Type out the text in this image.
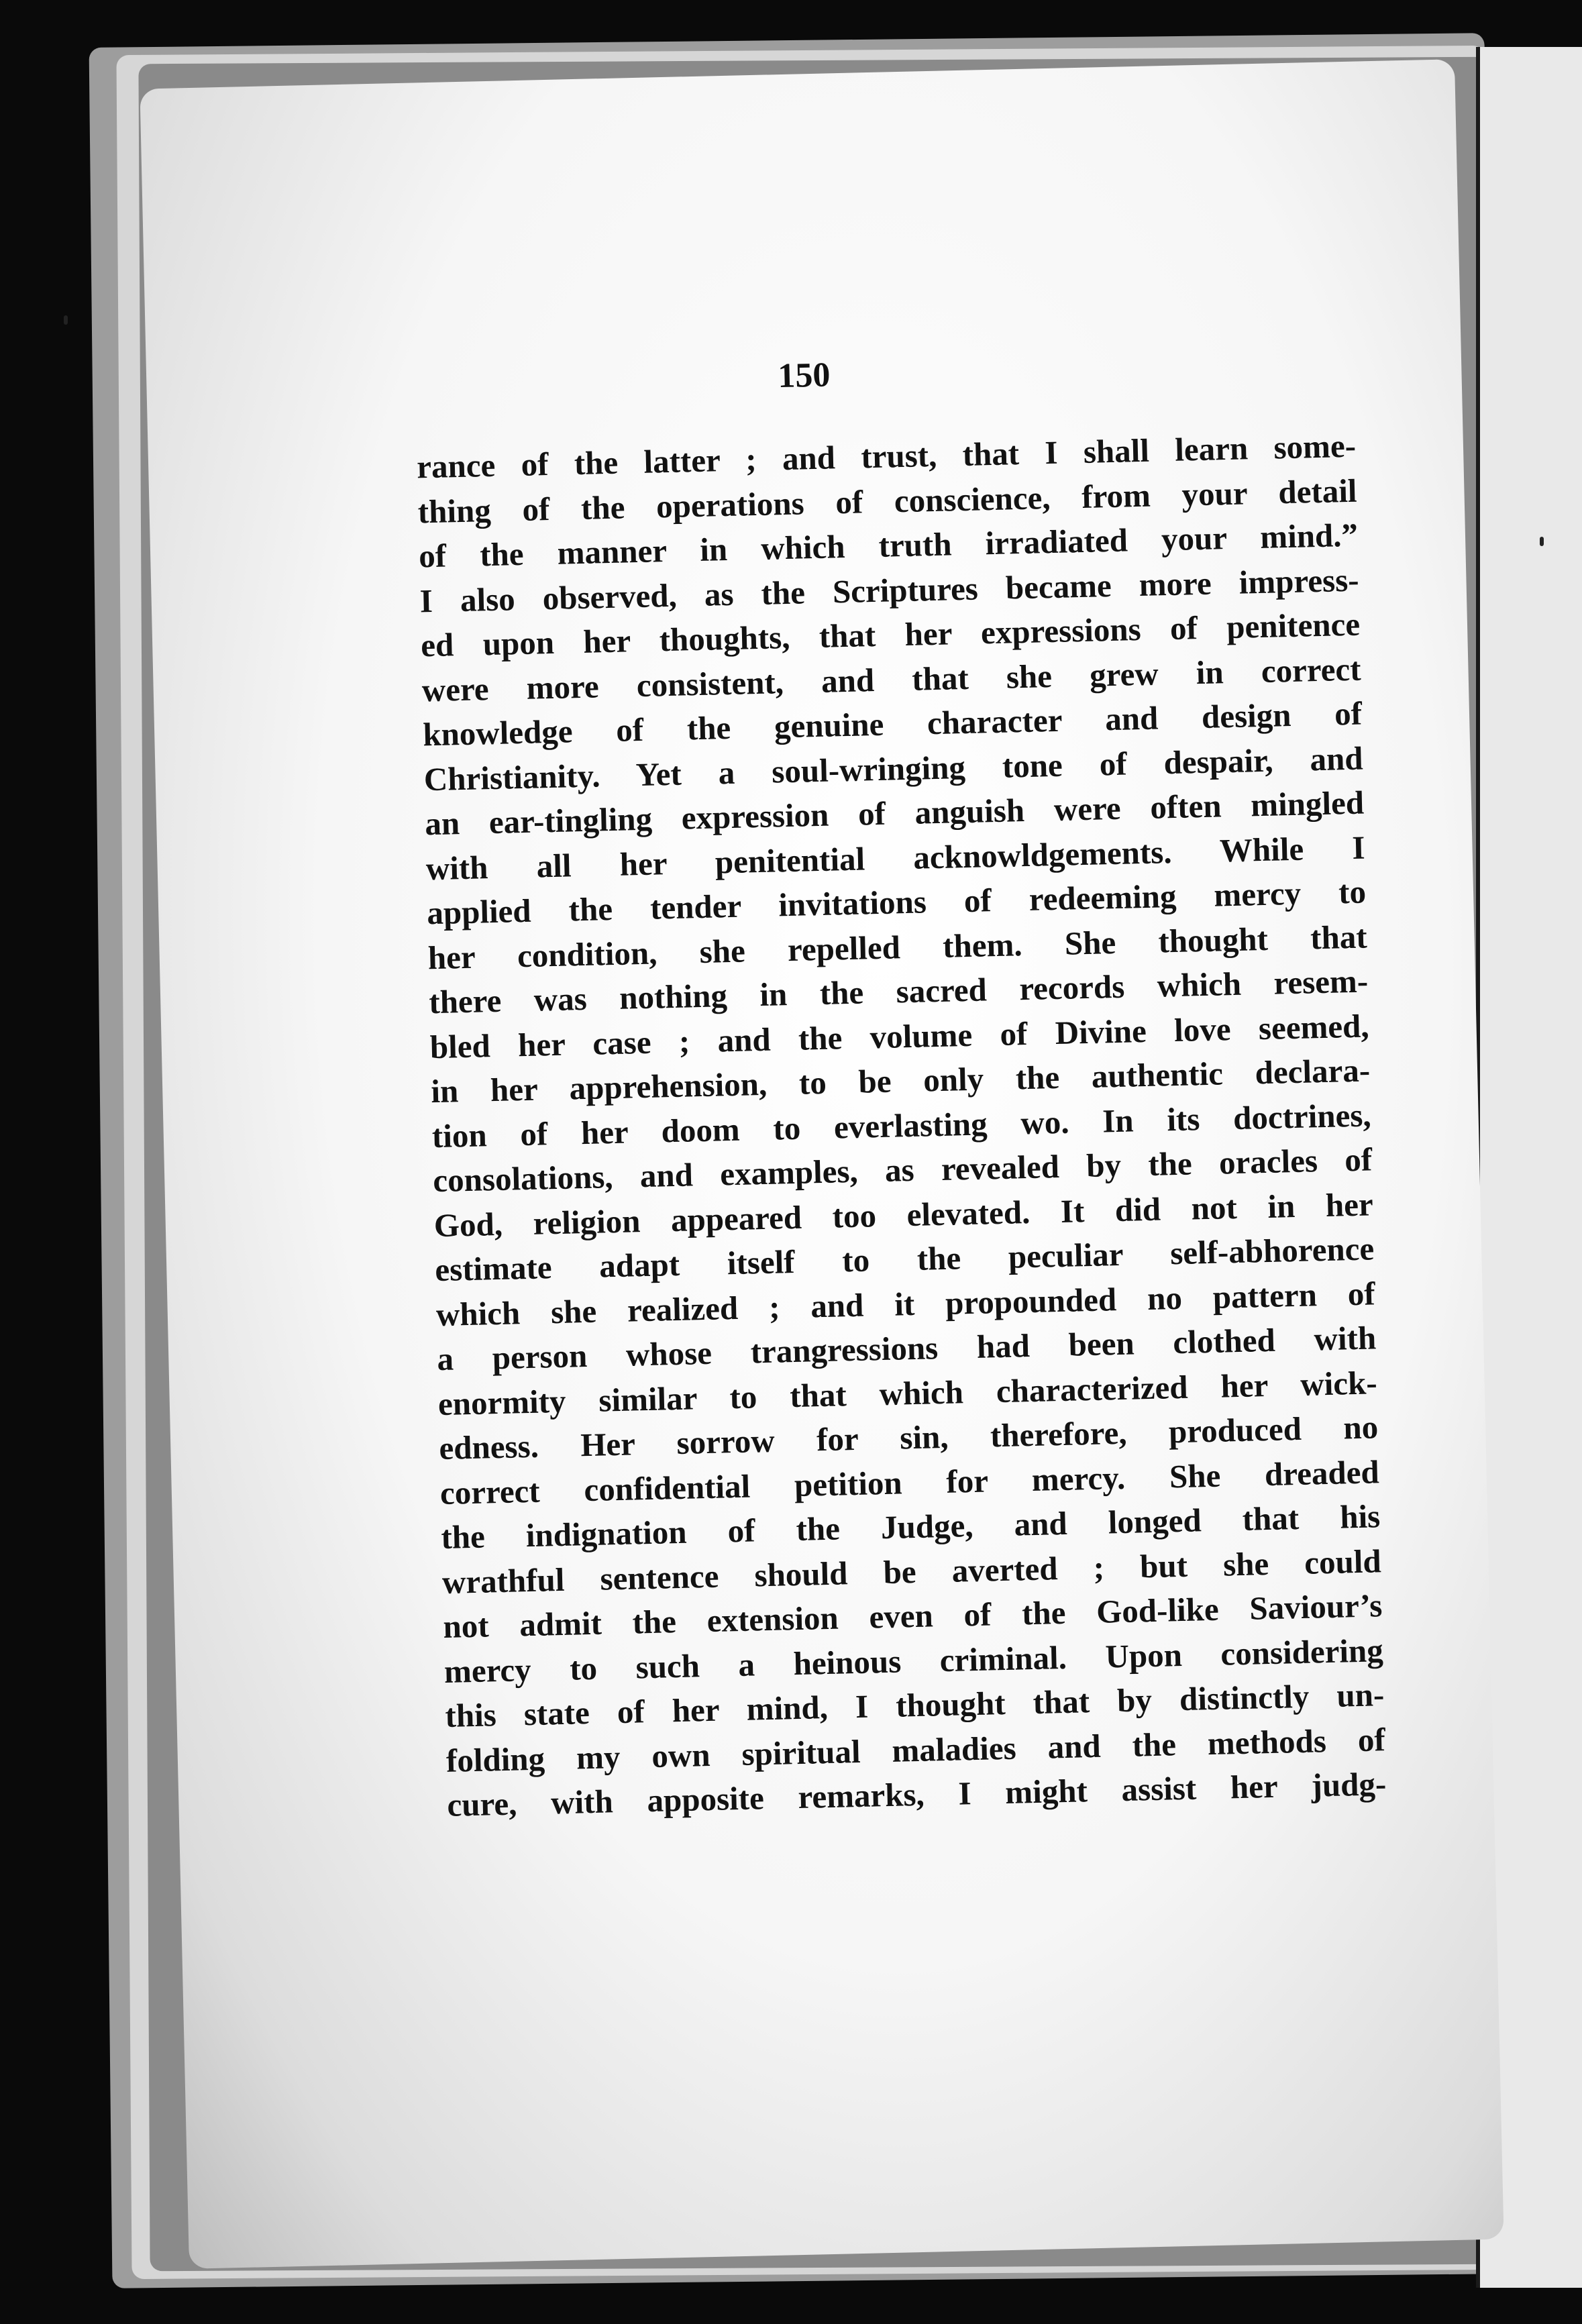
150
rance of the latter ; and trust, that I shall learn some-
thing of the operations of conscience, from your detail
of the manner in which truth irradiated your mind.”
I also observed, as the Scriptures became more impress-
ed upon her thoughts, that her expressions of penitence
were more consistent, and that she grew in correct
knowledge of the genuine character and design of
Christianity. Yet a soul-wringing tone of despair, and
an ear-tingling expression of anguish were often mingled
with all her penitential acknowldgements. While I
applied the tender invitations of redeeming mercy to
her condition, she repelled them. She thought that
there was nothing in the sacred records which resem-
bled her case ; and the volume of Divine love seemed,
in her apprehension, to be only the authentic declara-
tion of her doom to everlasting wo. In its doctrines,
consolations, and examples, as revealed by the oracles of
God, religion appeared too elevated. It did not in her
estimate adapt itself to the peculiar self-abhorence
which she realized ; and it propounded no pattern of
a person whose trangressions had been clothed with
enormity similar to that which characterized her wick-
edness. Her sorrow for sin, therefore, produced no
correct confidential petition for mercy. She dreaded
the indignation of the Judge, and longed that his
wrathful sentence should be averted ; but she could
not admit the extension even of the God-like Saviour’s
mercy to such a heinous criminal. Upon considering
this state of her mind, I thought that by distinctly un-
folding my own spiritual maladies and the methods of
cure, with apposite remarks, I might assist her judg-
